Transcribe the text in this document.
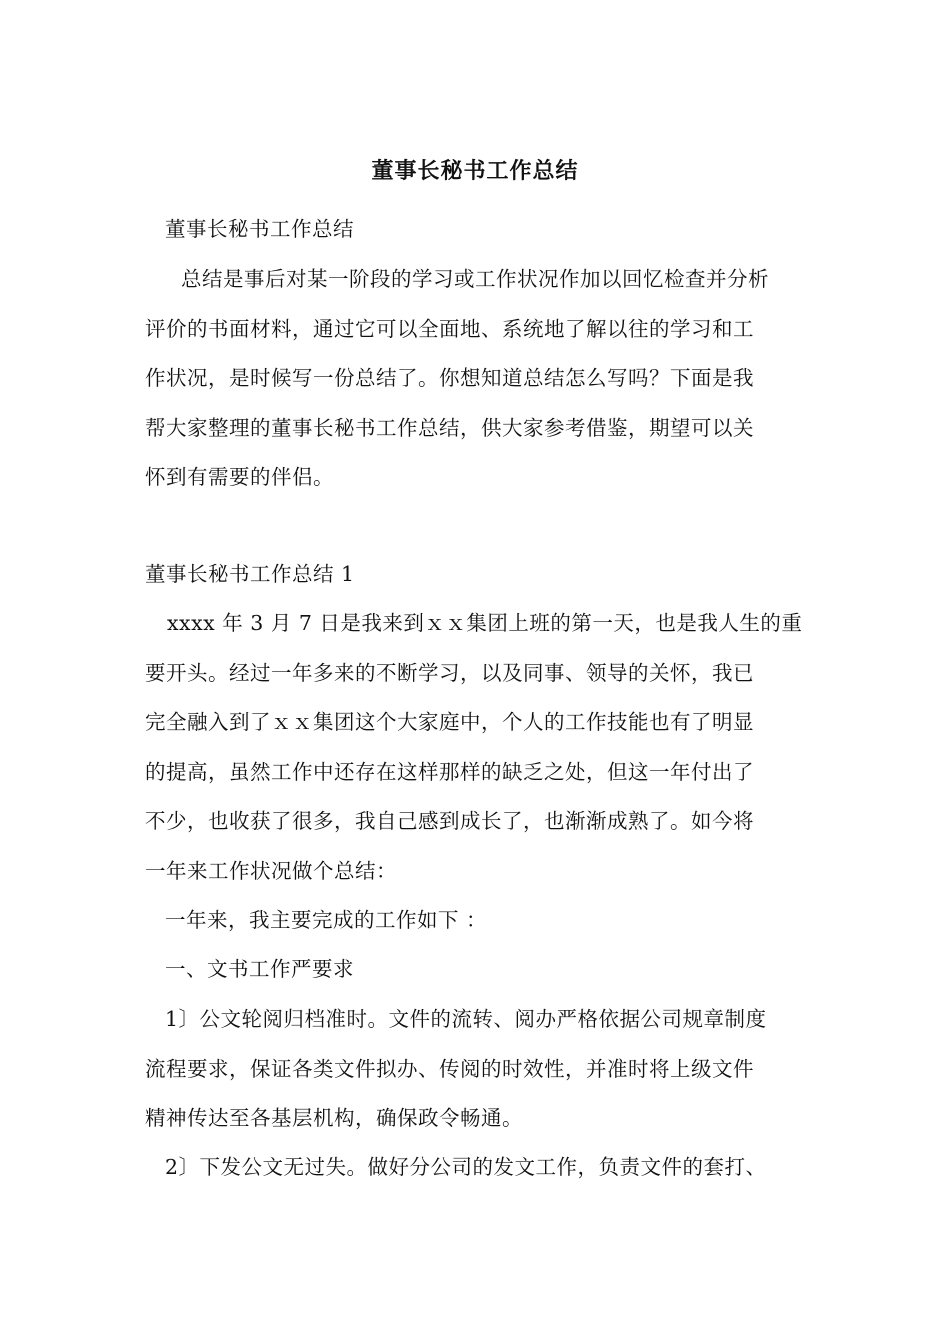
董事长秘书工作总结
董事长秘书工作总结
总结是事后对某一阶段的学习或工作状况作加以回忆检查并分析
评价的书面材料，通过它可以全面地、系统地了解以往的学习和工
作状况，是时候写一份总结了。你想知道总结怎么写吗？下面是我
帮大家整理的董事长秘书工作总结，供大家参考借鉴，期望可以关
怀到有需要的伴侣。
董事长秘书工作总结 1
xxxx 年 3 月 7 日是我来到ｘｘ集团上班的第一天，也是我人生的重
要开头。经过一年多来的不断学习，以及同事、领导的关怀，我已
完全融入到了ｘｘ集团这个大家庭中，个人的工作技能也有了明显
的提高，虽然工作中还存在这样那样的缺乏之处，但这一年付出了
不少，也收获了很多，我自己感到成长了，也渐渐成熟了。如今将
一年来工作状况做个总结：
一年来，我主要完成的工作如下 ：
一、文书工作严要求
1〕公文轮阅归档准时。文件的流转、阅办严格依据公司规章制度
流程要求，保证各类文件拟办、传阅的时效性，并准时将上级文件
精神传达至各基层机构，确保政令畅通。
2〕下发公文无过失。做好分公司的发文工作，负责文件的套打、
